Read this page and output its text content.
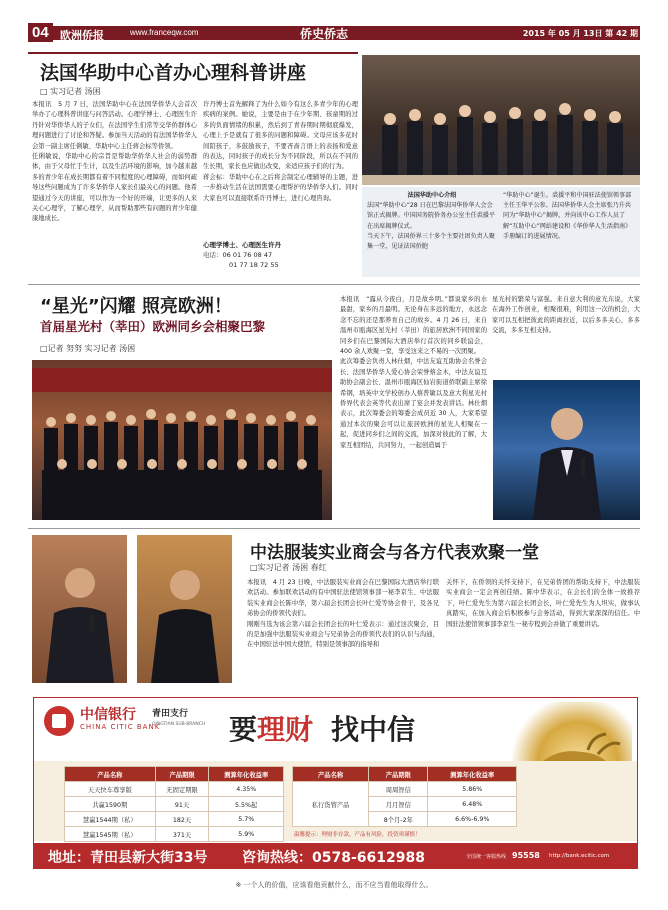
04	欧洲侨报	www.franceqw.com	侨史侨志	2015 年 05 月 13日 第 42 期
法国华助中心首办心理科普讲座
□ 实习记者 汤困
本报讯　5 月 7 日，法国华助中心在法国华侨华人会首次举办了心理科普讲座与问答活动。心理学博士、心理医生许丹针对华侨华人的子女们，在法国学生们常等交华侨群体心理问题进行了讨论和答疑。参加当天活动的有法国华侨华人会第一副主席任俐敏、华助中心主任蒋会标等侨领。
任俐敏说，华助中心的宗旨是帮助华侨华人社会的弱势群体，由于父母忙于生计，以及生活环境的影响，加今越来越多的青少年在成长期都有着不同程度的心理障碍，而如何疏导这些问题成为了许多华侨华人家长们最关心的问题。他希望通过今天的讲座，可以作为一个好的开端，让更多的人来关心心理学，了解心理学，从而帮助那些有问题的青少年健康地成长。
许丹博士首先解释了为什么如今有这么多青少年的心理疾病的案例。她说，主要是由于在少年期、孩童期的过多的负面情绪的积累，然后到了青春期时期彻底爆发，心理上予是就有了很多的问题和障碍。文母应该多花时间陪孩子，多鼓励孩子，不要吝啬言语上的表扬和爱意的表达，同时孩子的成长分为不同阶段，所以在不同的生长期，家长也应做出改变，来适应孩子们的行为。
蒋会标：华助中心在之后将会制定心理辅导的主题，进一步推动生活在法国需要心理帮护的华侨华人们。同时大家也可以直接联系许丹博士，进行心理咨询。
心理学博士、心理医生许丹
电话：06 01 76 08 47
01 77 18 72 55
法国华助中心介绍
法国“华助中心”28 日在巴黎法国华侨华人会会馆正式揭牌。中国国务院侨务办公室主任裘援平在出席揭牌仪式。
当天下午，法国侨界三十多个主要社团负责人聚集一堂，见证法国侨胞
“华助中心”诞生。裘援平和中国驻法使馆领事部主任王华平公参、法国华侨华人会主席张乃升共同为“华助中心”揭牌，并向该中心工作人员了解“互助中心”网站建设和《华侨华人生活指南》手册编订的进展情况。
“星光”闪耀 照亮欧洲！
首届星光村（莘田）欧洲同乡会相聚巴黎
□记者 努努 实习记者 汤困
本报讯　“露从今夜白，月是故乡明。”都说家乡的水最甜，家乡的月最明。无论身在多远的地方，永远念念不忘的还是那养育自己的故乡。4 月 26 日，来自温州市瓯海区星光村（莘田）的旅居欧洲不同国家的同乡们在巴黎国际大酒店举行首次的同乡联谊会，400 余人欢聚一堂，享受这来之不易的一次团聚。
此次筹委会负责人林仕烟，中法友谊互助协会名誉会长、法国华侨华人爱心协会荣誉蔡金木，中法友谊互助协会副会长、温州市瓯海区仙岩街道侨联副主席徐希钢，培英中文学校创办人蔡普敏以及意大利星光村侨界代表会英等代表出席了宴会并发表讲话。林仕烟表示，此次筹委会的筹委会成员近 30 人，大家希望通过本次的聚会可以让旅居欧洲的星光人相聚在一起，促进同乡们之间的交流，加深对彼此的了解，大家互相团结，共同努力，一起创造属于
星光村的繁荣与富强。来自意大利的意光东说，大家在海外工作创业，相聚很难，利用这一次的机会，大家可以互相把彼此的距离拉近，以后多多关心，多多交流，多多互相支持。
中法服装实业商会与各方代表欢聚一堂
□实习记者 汤困 春红
本报讯　4 月 23 日晚，中法服装实业商会在巴黎国际大酒店举行联欢活动。参加联欢活动的有中国驻法使馆领事部一秘李京生、中法服装实业商会长陈中华，第六届会长团会长叶仁爱等协会骨干，及各兄弟协会的侨领代表们。
刚刚当选为该会第六届会长团会长的叶仁爱表示：通过这次聚会，目的是加强中法服装实业商会与兄弟协会的侨领代表们的认识与沟通，在中国驻法中国大使馆，特别是领事部的指导和
关怀下，在侨领的关怀支持下，在兄弟侨团的帮助支持下，中法服装实业商会一定会再创佳绩。陈中华表示，在会长们的全体一致推荐下，叶仁爱先生为第六届会长团会长，叶仁爱先生为人坦实，做事认真踏实，在加入商会后积极参与会务活动，得到大家深深的信任。中国驻法使馆领事部李京生一秘专程到会并做了重要讲话。
中信银行
CHINA CITIC BANK
青田支行
QINGTIAN SUB-BRANCH 要理财 找中信
产品名称	产品期限	测算年化收益率
天天快车尊享版	无固定期限	4.35%
共赢1590期	91天	5.5%起
慧赢1544期（私）	182天	5.7%
慧赢1545期（私）	371天	5.9%
产品名称	产品期限	测算年化收益率
私行货管产品	周周智信	5.86%
	月月智信	6.48%
	8个月-2年	6.6%-6.9%
温馨提示：理财非存款，产品有风险，投资须谨慎！
地址：青田县新大街33号 咨询热线：0578-6612988	全国统一客服热线 95558 http://bank.ecitic.com
※ 一个人的价值，应该看他贡献什么，而不应当看他取得什么。
